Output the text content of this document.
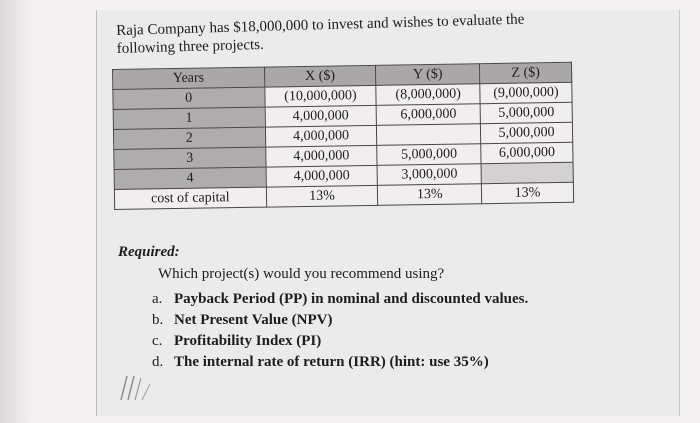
Raja Company has $18,000,000 to invest and wishes to evaluate the
following three projects.
Years	X ($)	Y ($)	Z ($)
0	(10,000,000)	(8,000,000)	(9,000,000)
1	4,000,000	6,000,000	5,000,000
2	4,000,000		5,000,000
3	4,000,000	5,000,000	6,000,000
4	4,000,000	3,000,000	
cost of capital	13%	13%	13%
Required:
Which project(s) would you recommend using?
a. Payback Period (PP) in nominal and discounted values.
b. Net Present Value (NPV)
c. Profitability Index (PI)
d. The internal rate of return (IRR) (hint: use 35%)
